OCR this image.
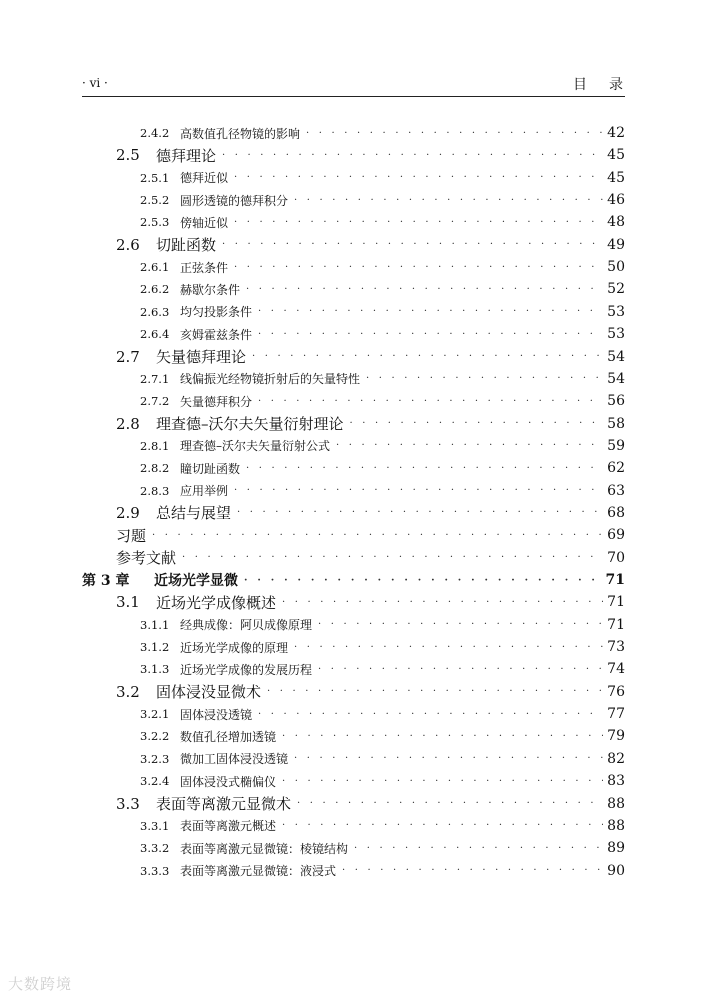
· vi ·	目录
2.4.2 高数值孔径物镜的影响 · · ·	42
2.5	德拜理论 · · ·	45
2.5.1 德拜近似 · · ·	45
2.5.2 圆形透镜的德拜积分 · · ·	46
2.5.3 傍轴近似 · · ·	48
2.6	切趾函数 · · ·	49
2.6.1 正弦条件 · · ·	50
2.6.2 赫歇尔条件 · · ·	52
2.6.3 均匀投影条件 · · ·	53
2.6.4 亥姆霍兹条件 · · ·	53
2.7	矢量德拜理论 · · ·	54
2.7.1 线偏振光经物镜折射后的矢量特性 · · ·	54
2.7.2 矢量德拜积分 · · ·	56
2.8	理查德–沃尔夫矢量衍射理论 · · ·	58
2.8.1 理查德–沃尔夫矢量衍射公式 · · ·	59
2.8.2 瞳切趾函数 · · ·	62
2.8.3 应用举例 · · ·	63
2.9	总结与展望 · · ·	68
习题 · · ·	69
参考文献 · · ·	70
第 3 章	近场光学显微 · · ·	71
3.1	近场光学成像概述 · · ·	71
3.1.1 经典成像：阿贝成像原理 · · ·	71
3.1.2 近场光学成像的原理 · · ·	73
3.1.3 近场光学成像的发展历程 · · ·	74
3.2	固体浸没显微术 · · ·	76
3.2.1 固体浸没透镜 · · ·	77
3.2.2 数值孔径增加透镜 · · ·	79
3.2.3 微加工固体浸没透镜 · · ·	82
3.2.4 固体浸没式椭偏仪 · · ·	83
3.3	表面等离激元显微术 · · ·	88
3.3.1 表面等离激元概述 · · ·	88
3.3.2 表面等离激元显微镜：棱镜结构 · · ·	89
3.3.3 表面等离激元显微镜：液浸式 · · ·	90
大数跨境
